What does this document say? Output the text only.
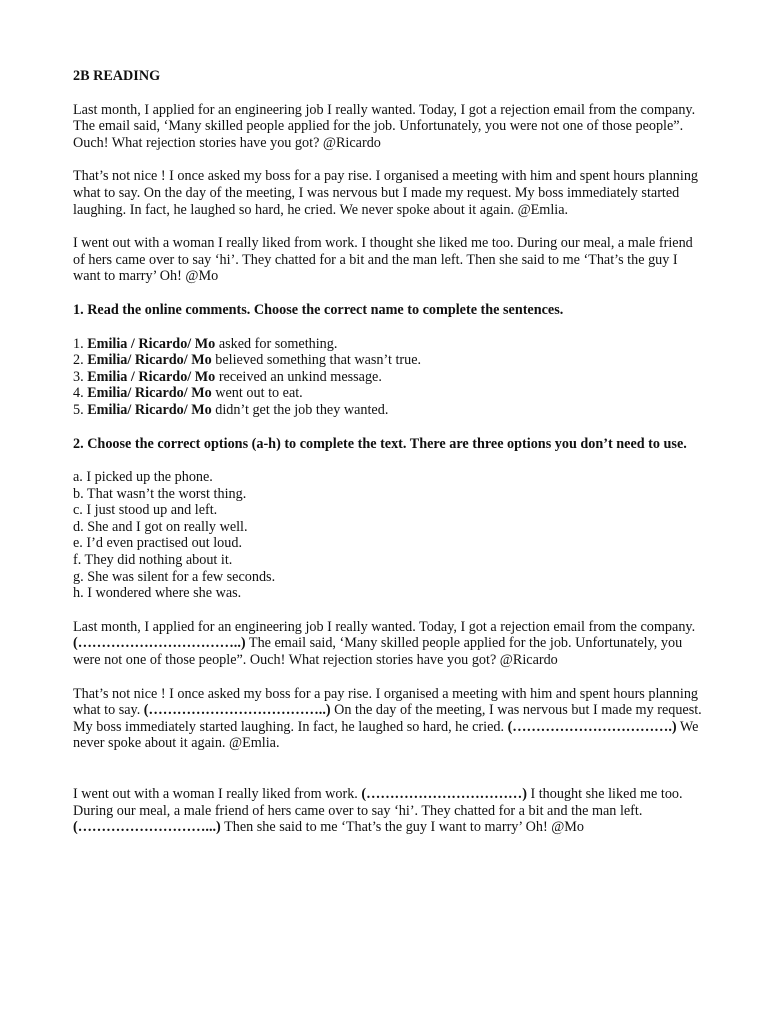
2B READING

Last month, I applied for an engineering job I really wanted. Today, I got a rejection email from the company. The email said, ‘Many skilled people applied for the job. Unfortunately, you were not one of those people”. Ouch! What rejection stories have you got? @Ricardo

That’s not nice ! I once asked my boss for a pay rise. I organised a meeting with him and spent hours planning what to say. On the day of the meeting, I was nervous but I made my request. My boss immediately started laughing. In fact, he laughed so hard, he cried. We never spoke about it again. @Emlia.

I went out with a woman I really liked from work. I thought she liked me too. During our meal, a male friend of hers came over to say ‘hi’. They chatted for a bit and the man left. Then she said to me ‘That’s the guy I want to marry’ Oh! @Mo

1. Read the online comments. Choose the correct name to complete the sentences.

1. Emilia / Ricardo/ Mo asked for something.
2. Emilia/ Ricardo/ Mo believed something that wasn’t true.
3. Emilia / Ricardo/ Mo received an unkind message.
4. Emilia/ Ricardo/ Mo went out to eat.
5. Emilia/ Ricardo/ Mo didn’t get the job they wanted.

2. Choose the correct options (a-h) to complete the text. There are three options you don’t need to use.

a. I picked up the phone.
b. That wasn’t the worst thing.
c. I just stood up and left.
d. She and I got on really well.
e. I’d even practised out loud.
f. They did nothing about it.
g. She was silent for a few seconds.
h. I wondered where she was.

Last month, I applied for an engineering job I really wanted. Today, I got a rejection email from the company. (……………………………..) The email said, ‘Many skilled people applied for the job. Unfortunately, you were not one of those people”. Ouch! What rejection stories have you got? @Ricardo

That’s not nice ! I once asked my boss for a pay rise. I organised a meeting with him and spent hours planning what to say. (………………………………..) On the day of the meeting, I was nervous but I made my request. My boss immediately started laughing. In fact, he laughed so hard, he cried. (…………………………….) We never spoke about it again. @Emlia.

I went out with a woman I really liked from work. (……………………………) I thought she liked me too. During our meal, a male friend of hers came over to say ‘hi’. They chatted for a bit and the man left. (………………………...) Then she said to me ‘That’s the guy I want to marry’ Oh! @Mo
